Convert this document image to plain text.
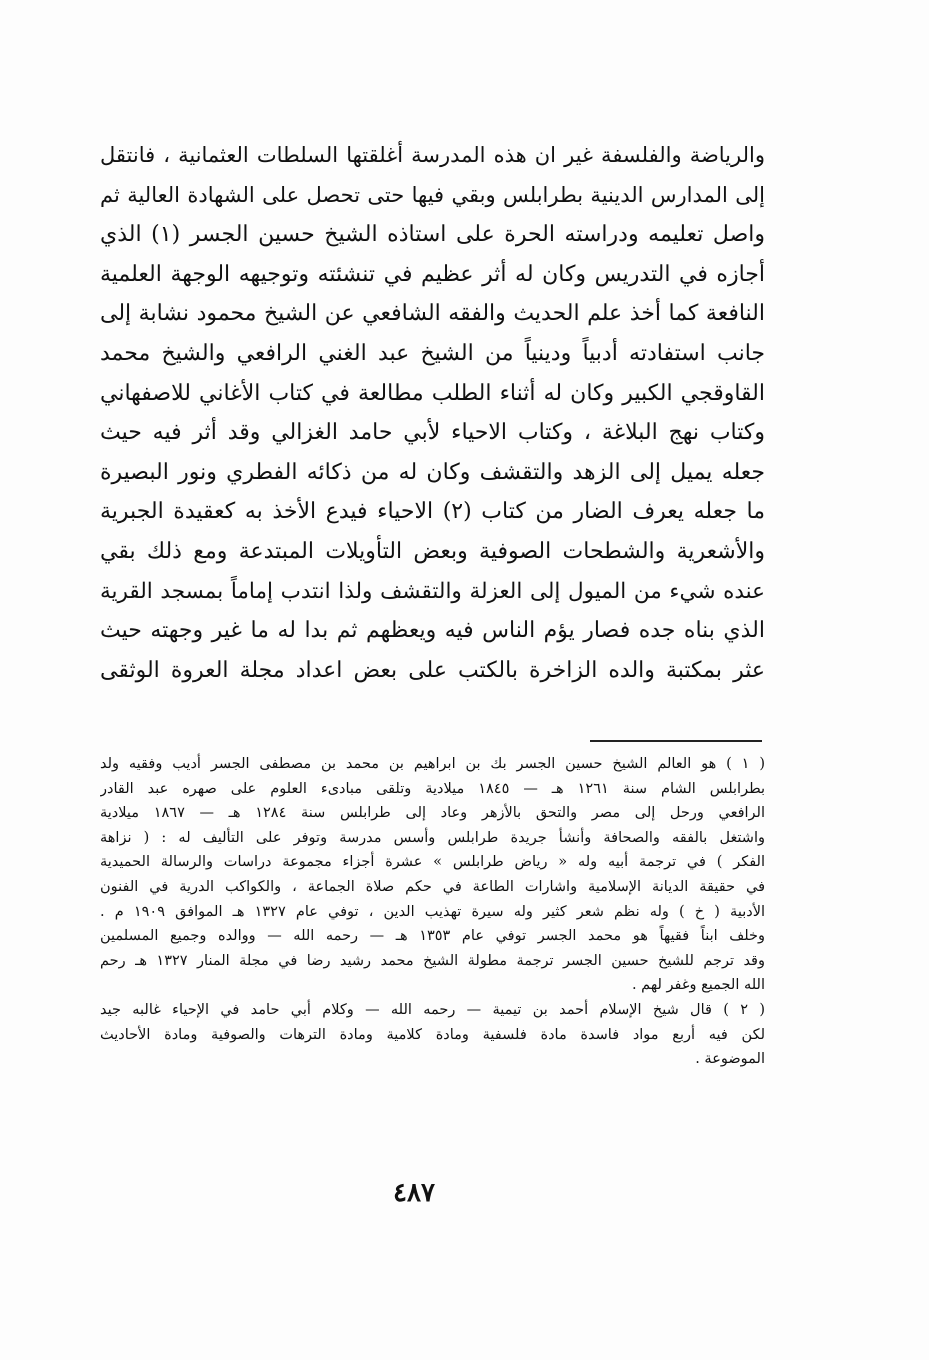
والرياضة والفلسفة غير ان هذه المدرسة أغلقتها السلطات العثمانية ، فانتقل
إلى المدارس الدينية بطرابلس وبقي فيها حتى تحصل على الشهادة العالية ثم
واصل تعليمه ودراسته الحرة على استاذه الشيخ حسين الجسر (١) الذي
أجازه في التدريس وكان له أثر عظيم في تنشئته وتوجيهه الوجهة العلمية
النافعة كما أخذ علم الحديث والفقه الشافعي عن الشيخ محمود نشابة إلى
جانب استفادته أدبياً ودينياً من الشيخ عبد الغني الرافعي والشيخ محمد
القاوقجي الكبير وكان له أثناء الطلب مطالعة في كتاب الأغاني للاصفهاني
وكتاب نهج البلاغة ، وكتاب الاحياء لأبي حامد الغزالي وقد أثر فيه حيث
جعله يميل إلى الزهد والتقشف وكان له من ذكائه الفطري ونور البصيرة
ما جعله يعرف الضار من كتاب (٢) الاحياء فيدع الأخذ به كعقيدة الجبرية
والأشعرية والشطحات الصوفية وبعض التأويلات المبتدعة ومع ذلك بقي
عنده شيء من الميول إلى العزلة والتقشف ولذا انتدب إماماً بمسجد القرية
الذي بناه جده فصار يؤم الناس فيه ويعظهم ثم بدا له ما غير وجهته حيث
عثر بمكتبة والده الزاخرة بالكتب على بعض اعداد مجلة العروة الوثقى
( ١ ) هو العالم الشيخ حسين الجسر بك بن ابراهيم بن محمد بن مصطفى الجسر أديب وفقيه ولد
بطرابلس الشام سنة ١٢٦١ هـ — ١٨٤٥ ميلادية وتلقى مبادىء العلوم على صهره عبد القادر
الرافعي ورحل إلى مصر والتحق بالأزهر وعاد إلى طرابلس سنة ١٢٨٤ هـ — ١٨٦٧ ميلادية
واشتغل بالفقه والصحافة وأنشأ جريدة طرابلس وأسس مدرسة وتوفر على التأليف له : ( نزاهة
الفكر ) في ترجمة أبيه وله « رياض طرابلس » عشرة أجزاء مجموعة دراسات والرسالة الحميدية
في حقيقة الديانة الإسلامية واشارات الطاعة في حكم صلاة الجماعة ، والكواكب الدرية في الفنون
الأدبية ( خ ) وله نظم شعر كثير وله سيرة تهذيب الدين ، توفي عام ١٣٢٧ هـ الموافق ١٩٠٩ م .
وخلف ابناً فقيهاً هو محمد الجسر توفي عام ١٣٥٣ هـ — رحمه الله — ووالده وجميع المسلمين
وقد ترجم للشيخ حسين الجسر ترجمة مطولة الشيخ محمد رشيد رضا في مجلة المنار ١٣٢٧ هـ رحم
الله الجميع وغفر لهم .
( ٢ ) قال شيخ الإسلام أحمد بن تيمية — رحمه الله — وكلام أبي حامد في الإحياء غالبه جيد
لكن فيه أربع مواد فاسدة مادة فلسفية ومادة كلامية ومادة الترهات والصوفية ومادة الأحاديث
الموضوعة .
٤٨٧
